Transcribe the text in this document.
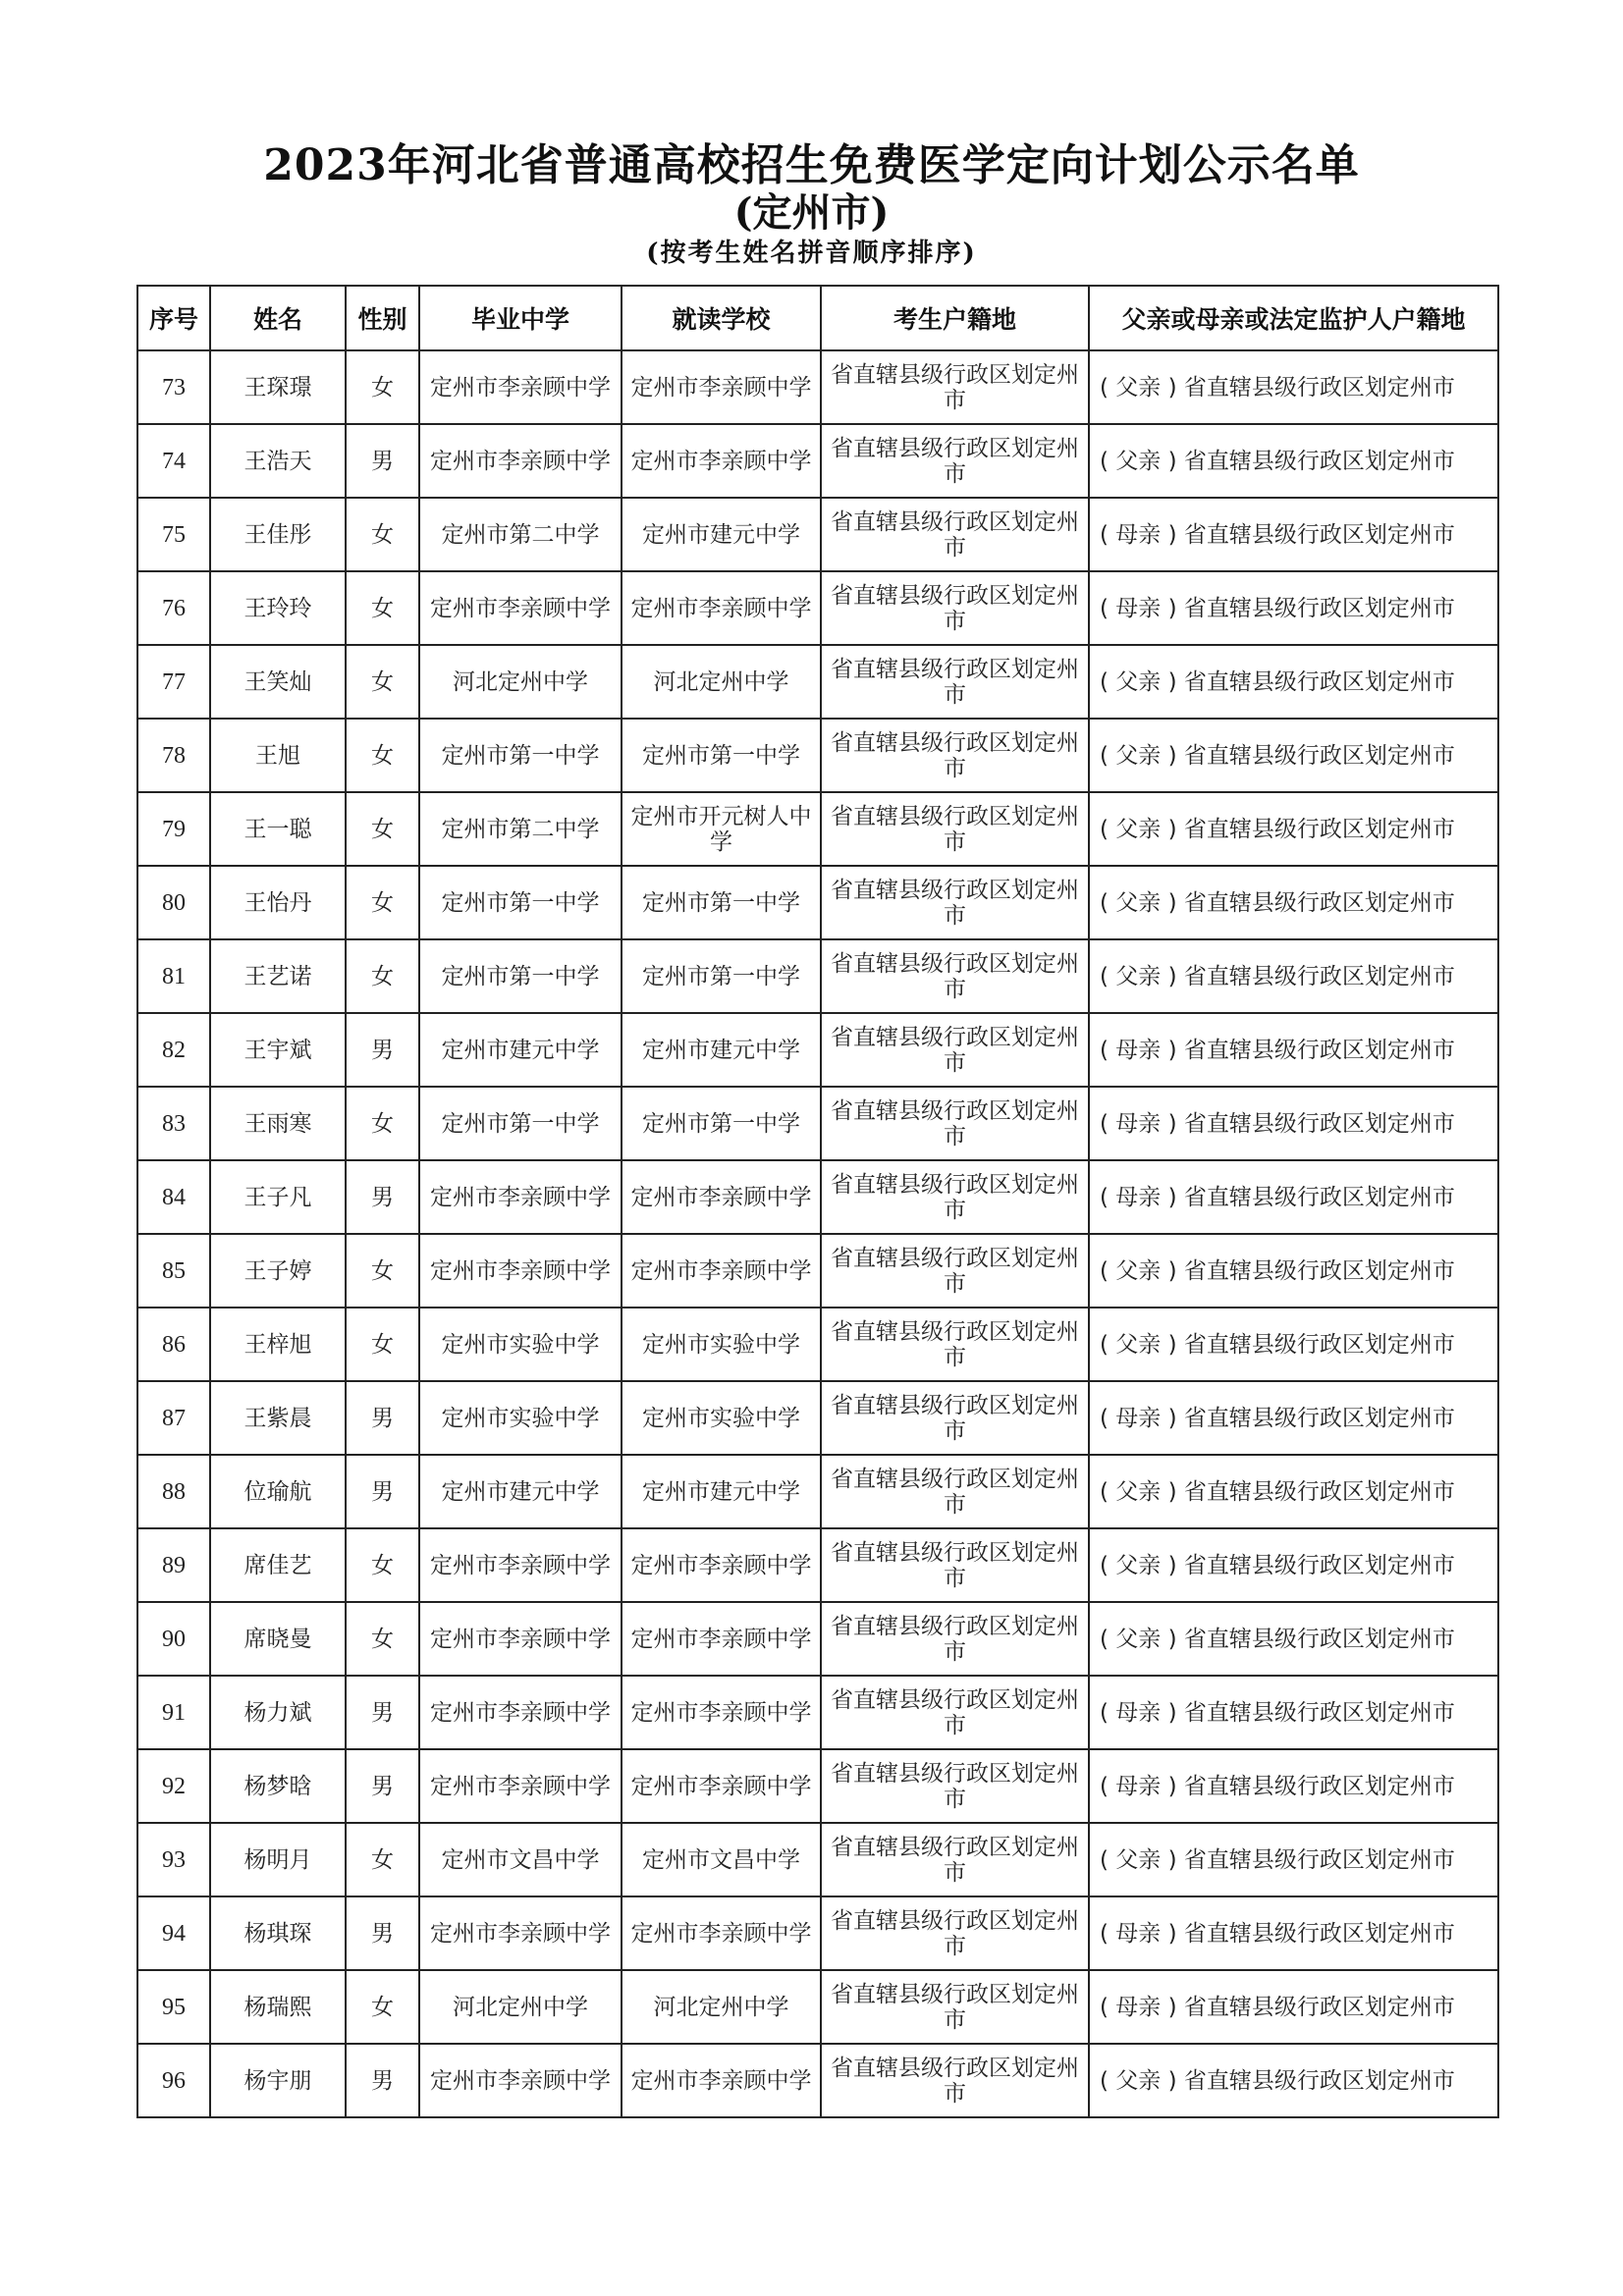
2023年河北省普通高校招生免费医学定向计划公示名单
(定州市)
(按考生姓名拼音顺序排序)
序号	姓名	性别	毕业中学	就读学校	考生户籍地	父亲或母亲或法定监护人户籍地
73	王琛璟	女	定州市李亲顾中学	定州市李亲顾中学	省直辖县级行政区划定州市	( 父亲 ) 省直辖县级行政区划定州市
74	王浩天	男	定州市李亲顾中学	定州市李亲顾中学	省直辖县级行政区划定州市	( 父亲 ) 省直辖县级行政区划定州市
75	王佳彤	女	定州市第二中学	定州市建元中学	省直辖县级行政区划定州市	( 母亲 ) 省直辖县级行政区划定州市
76	王玲玲	女	定州市李亲顾中学	定州市李亲顾中学	省直辖县级行政区划定州市	( 母亲 ) 省直辖县级行政区划定州市
77	王笑灿	女	河北定州中学	河北定州中学	省直辖县级行政区划定州市	( 父亲 ) 省直辖县级行政区划定州市
78	王旭	女	定州市第一中学	定州市第一中学	省直辖县级行政区划定州市	( 父亲 ) 省直辖县级行政区划定州市
79	王一聪	女	定州市第二中学	定州市开元树人中学	省直辖县级行政区划定州市	( 父亲 ) 省直辖县级行政区划定州市
80	王怡丹	女	定州市第一中学	定州市第一中学	省直辖县级行政区划定州市	( 父亲 ) 省直辖县级行政区划定州市
81	王艺诺	女	定州市第一中学	定州市第一中学	省直辖县级行政区划定州市	( 父亲 ) 省直辖县级行政区划定州市
82	王宇斌	男	定州市建元中学	定州市建元中学	省直辖县级行政区划定州市	( 母亲 ) 省直辖县级行政区划定州市
83	王雨寒	女	定州市第一中学	定州市第一中学	省直辖县级行政区划定州市	( 母亲 ) 省直辖县级行政区划定州市
84	王子凡	男	定州市李亲顾中学	定州市李亲顾中学	省直辖县级行政区划定州市	( 母亲 ) 省直辖县级行政区划定州市
85	王子婷	女	定州市李亲顾中学	定州市李亲顾中学	省直辖县级行政区划定州市	( 父亲 ) 省直辖县级行政区划定州市
86	王梓旭	女	定州市实验中学	定州市实验中学	省直辖县级行政区划定州市	( 父亲 ) 省直辖县级行政区划定州市
87	王紫晨	男	定州市实验中学	定州市实验中学	省直辖县级行政区划定州市	( 母亲 ) 省直辖县级行政区划定州市
88	位瑜航	男	定州市建元中学	定州市建元中学	省直辖县级行政区划定州市	( 父亲 ) 省直辖县级行政区划定州市
89	席佳艺	女	定州市李亲顾中学	定州市李亲顾中学	省直辖县级行政区划定州市	( 父亲 ) 省直辖县级行政区划定州市
90	席晓曼	女	定州市李亲顾中学	定州市李亲顾中学	省直辖县级行政区划定州市	( 父亲 ) 省直辖县级行政区划定州市
91	杨力斌	男	定州市李亲顾中学	定州市李亲顾中学	省直辖县级行政区划定州市	( 母亲 ) 省直辖县级行政区划定州市
92	杨梦晗	男	定州市李亲顾中学	定州市李亲顾中学	省直辖县级行政区划定州市	( 母亲 ) 省直辖县级行政区划定州市
93	杨明月	女	定州市文昌中学	定州市文昌中学	省直辖县级行政区划定州市	( 父亲 ) 省直辖县级行政区划定州市
94	杨琪琛	男	定州市李亲顾中学	定州市李亲顾中学	省直辖县级行政区划定州市	( 母亲 ) 省直辖县级行政区划定州市
95	杨瑞熙	女	河北定州中学	河北定州中学	省直辖县级行政区划定州市	( 母亲 ) 省直辖县级行政区划定州市
96	杨宇朋	男	定州市李亲顾中学	定州市李亲顾中学	省直辖县级行政区划定州市	( 父亲 ) 省直辖县级行政区划定州市
